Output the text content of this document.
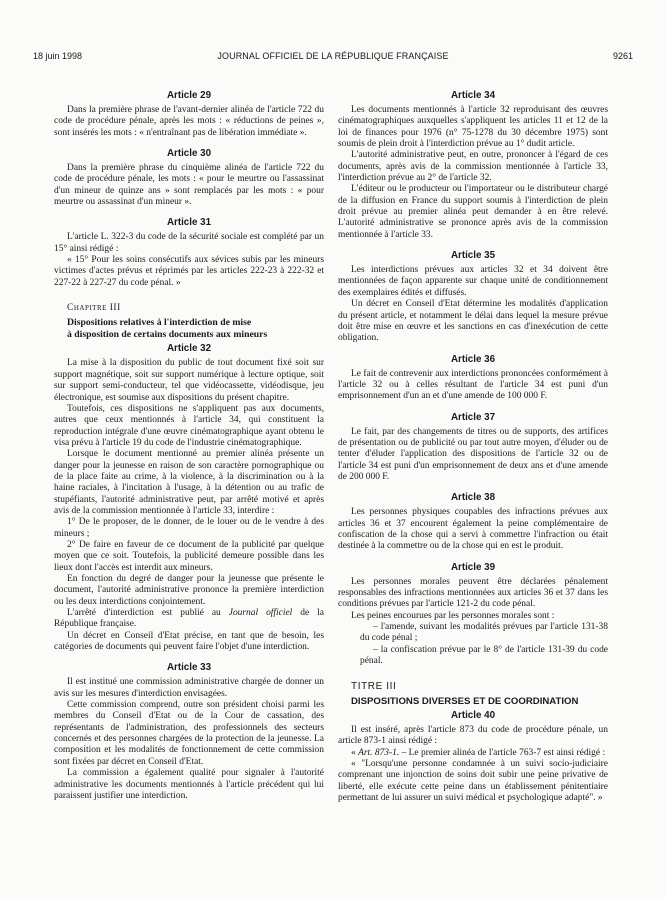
18 juin 1998	JOURNAL OFFICIEL DE LA RÉPUBLIQUE FRANÇAISE	9261
Article 29

Dans la première phrase de l'avant-dernier alinéa de l'article 722 du code de procédure pénale, après les mots : « réductions de peines », sont insérés les mots : « n'entraînant pas de libération immédiate ».

Article 30

Dans la première phrase du cinquième alinéa de l'article 722 du code de procédure pénale, les mots : « pour le meurtre ou l'assassinat d'un mineur de quinze ans » sont remplacés par les mots : « pour meurtre ou assassinat d'un mineur ».

Article 31

L'article L. 322-3 du code de la sécurité sociale est complété par un 15° ainsi rédigé :

« 15° Pour les soins consécutifs aux sévices subis par les mineurs victimes d'actes prévus et réprimés par les articles 222-23 à 222-32 et 227-22 à 227-27 du code pénal. »

Chapitre III

Dispositions relatives à l'interdiction de mise

à disposition de certains documents aux mineurs

Article 32

La mise à la disposition du public de tout document fixé soit sur support magnétique, soit sur support numérique à lecture optique, soit sur support semi-conducteur, tel que vidéocassette, vidéodisque, jeu électronique, est soumise aux dispositions du présent chapitre.

Toutefois, ces dispositions ne s'appliquent pas aux documents, autres que ceux mentionnés à l'article 34, qui constituent la reproduction intégrale d'une œuvre cinématographique ayant obtenu le visa prévu à l'article 19 du code de l'industrie cinématographique.

Lorsque le document mentionné au premier alinéa présente un danger pour la jeunesse en raison de son caractère pornographique ou de la place faite au crime, à la violence, à la discrimination ou à la haine raciales, à l'incitation à l'usage, à la détention ou au trafic de stupéfiants, l'autorité administrative peut, par arrêté motivé et après avis de la commission mentionnée à l'article 33, interdire :

1° De le proposer, de le donner, de le louer ou de le vendre à des mineurs ;

2° De faire en faveur de ce document de la publicité par quelque moyen que ce soit. Toutefois, la publicité demeure possible dans les lieux dont l'accès est interdit aux mineurs.

En fonction du degré de danger pour la jeunesse que présente le document, l'autorité administrative prononce la première interdiction ou les deux interdictions conjointement.

L'arrêté d'interdiction est publié au Journal officiel de la République française.

Un décret en Conseil d'Etat précise, en tant que de besoin, les catégories de documents qui peuvent faire l'objet d'une interdiction.

Article 33

Il est institué une commission administrative chargée de donner un avis sur les mesures d'interdiction envisagées.

Cette commission comprend, outre son président choisi parmi les membres du Conseil d'Etat ou de la Cour de cassation, des représentants de l'administration, des professionnels des secteurs concernés et des personnes chargées de la protection de la jeunesse. La composition et les modalités de fonctionnement de cette commission sont fixées par décret en Conseil d'Etat.

La commission a également qualité pour signaler à l'autorité administrative les documents mentionnés à l'article précédent qui lui paraissent justifier une interdiction.

Article 34

Les documents mentionnés à l'article 32 reproduisant des œuvres cinématographiques auxquelles s'appliquent les articles 11 et 12 de la loi de finances pour 1976 (n° 75-1278 du 30 décembre 1975) sont soumis de plein droit à l'interdiction prévue au 1° dudit article.

L'autorité administrative peut, en outre, prononcer à l'égard de ces documents, après avis de la commission mentionnée à l'article 33, l'interdiction prévue au 2° de l'article 32.

L'éditeur ou le producteur ou l'importateur ou le distributeur chargé de la diffusion en France du support soumis à l'interdiction de plein droit prévue au premier alinéa peut demander à en être relevé. L'autorité administrative se prononce après avis de la commission mentionnée à l'article 33.

Article 35

Les interdictions prévues aux articles 32 et 34 doivent être mentionnées de façon apparente sur chaque unité de conditionnement des exemplaires édités et diffusés.

Un décret en Conseil d'Etat détermine les modalités d'application du présent article, et notamment le délai dans lequel la mesure prévue doit être mise en œuvre et les sanctions en cas d'inexécution de cette obligation.

Article 36

Le fait de contrevenir aux interdictions prononcées conformément à l'article 32 ou à celles résultant de l'article 34 est puni d'un emprisonnement d'un an et d'une amende de 100 000 F.

Article 37

Le fait, par des changements de titres ou de supports, des artifices de présentation ou de publicité ou par tout autre moyen, d'éluder ou de tenter d'éluder l'application des dispositions de l'article 32 ou de l'article 34 est puni d'un emprisonnement de deux ans et d'une amende de 200 000 F.

Article 38

Les personnes physiques coupables des infractions prévues aux articles 36 et 37 encourent également la peine complémentaire de confiscation de la chose qui a servi à commettre l'infraction ou était destinée à la commettre ou de la chose qui en est le produit.

Article 39

Les personnes morales peuvent être déclarées pénalement responsables des infractions mentionnées aux articles 36 et 37 dans les conditions prévues par l'article 121-2 du code pénal.

Les peines encourues par les personnes morales sont :

– l'amende, suivant les modalités prévues par l'article 131-38 du code pénal ;

– la confiscation prévue par le 8° de l'article 131-39 du code pénal.

TITRE III

DISPOSITIONS DIVERSES ET DE COORDINATION

Article 40

Il est inséré, après l'article 873 du code de procédure pénale, un article 873-1 ainsi rédigé :

« Art. 873-1. – Le premier alinéa de l'article 763-7 est ainsi rédigé :

« "Lorsqu'une personne condamnée à un suivi socio-judiciaire comprenant une injonction de soins doit subir une peine privative de liberté, elle exécute cette peine dans un établissement pénitentiaire permettant de lui assurer un suivi médical et psychologique adapté". »
